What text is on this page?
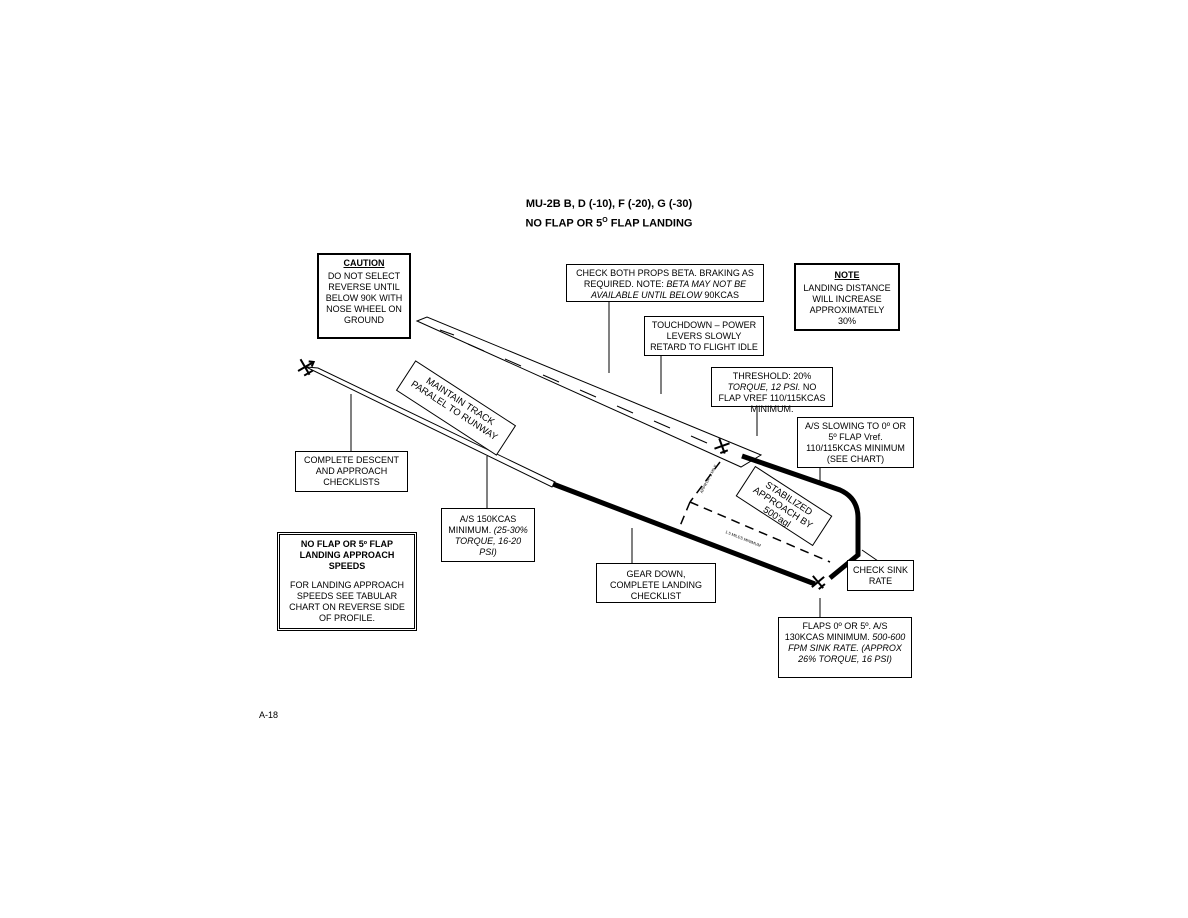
MU-2B B, D (-10), F (-20), G (-30)
NO FLAP OR $5^O$ FLAP LANDING
MAINTAIN TRACK PARALEL TO RUNWAY
STABILIZED APPROACH BY 500'agl
APPROX. 1 MILE
1.5 MILES MINIMUM
CAUTION
DO NOT SELECT REVERSE UNTIL BELOW 90K WITH NOSE WHEEL ON GROUND
CHECK BOTH PROPS BETA. BRAKING AS REQUIRED. NOTE: BETA MAY NOT BE AVAILABLE UNTIL BELOW 90KCAS
NOTE
LANDING DISTANCE WILL INCREASE APPROXIMATELY 30%
TOUCHDOWN – POWER LEVERS SLOWLY RETARD TO FLIGHT IDLE
THRESHOLD: 20% TORQUE, 12 PSI. NO FLAP VREF 110/115KCAS MINIMUM.
A/S SLOWING TO 0º OR 5º FLAP Vref. 110/115KCAS MINIMUM (SEE CHART)
COMPLETE DESCENT AND APPROACH CHECKLISTS
A/S 150KCAS MINIMUM. (25-30% TORQUE, 16-20 PSI)
NO FLAP OR 5º FLAP LANDING APPROACH SPEEDS
FOR LANDING APPROACH SPEEDS SEE TABULAR CHART ON REVERSE SIDE OF PROFILE.
GEAR DOWN, COMPLETE LANDING CHECKLIST
CHECK SINK RATE
FLAPS 0º OR 5º. A/S 130KCAS MINIMUM. 500-600 FPM SINK RATE. (APPROX 26% TORQUE, 16 PSI)
A-18
